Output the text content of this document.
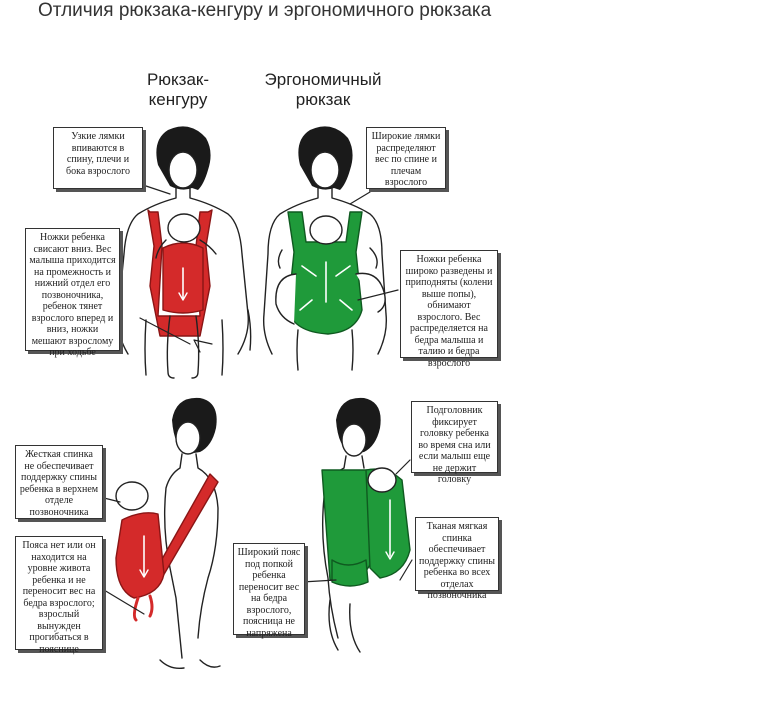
Отличия рюкзака-кенгуру и эргономичного рюкзака
Рюкзак-
кенгуру
Эргономичный
рюкзак
Узкие лямки впиваются в спину, плечи и бока взрослого
Широкие лямки распределяют вес по спине и плечам взрослого
Ножки ребенка свисают вниз. Вес малыша приходится на промежность и нижний отдел его позвоночника, ребенок тянет взрослого вперед и вниз, ножки мешают взрослому при ходьбе
Ножки ребенка широко разведены и приподняты (колени выше попы), обнимают взрослого. Вес распределяется на бедра малыша и талию и бедра взрослого
Жесткая спинка не обеспечивает поддержку спины ребенка в верхнем отделе позвоночника
Пояса нет или он находится на уровне живота ребенка и не переносит вес на бедра взрослого; взрослый вынужден прогибаться в пояснице
Широкий пояс под попкой ребенка переносит вес на бедра взрослого, поясница не напряжена
Подголовник фиксирует головку ребенка во время сна или если малыш еще не держит головку
Тканая мягкая спинка обеспечивает поддержку спины ребенка во всех отделах позвоночника
